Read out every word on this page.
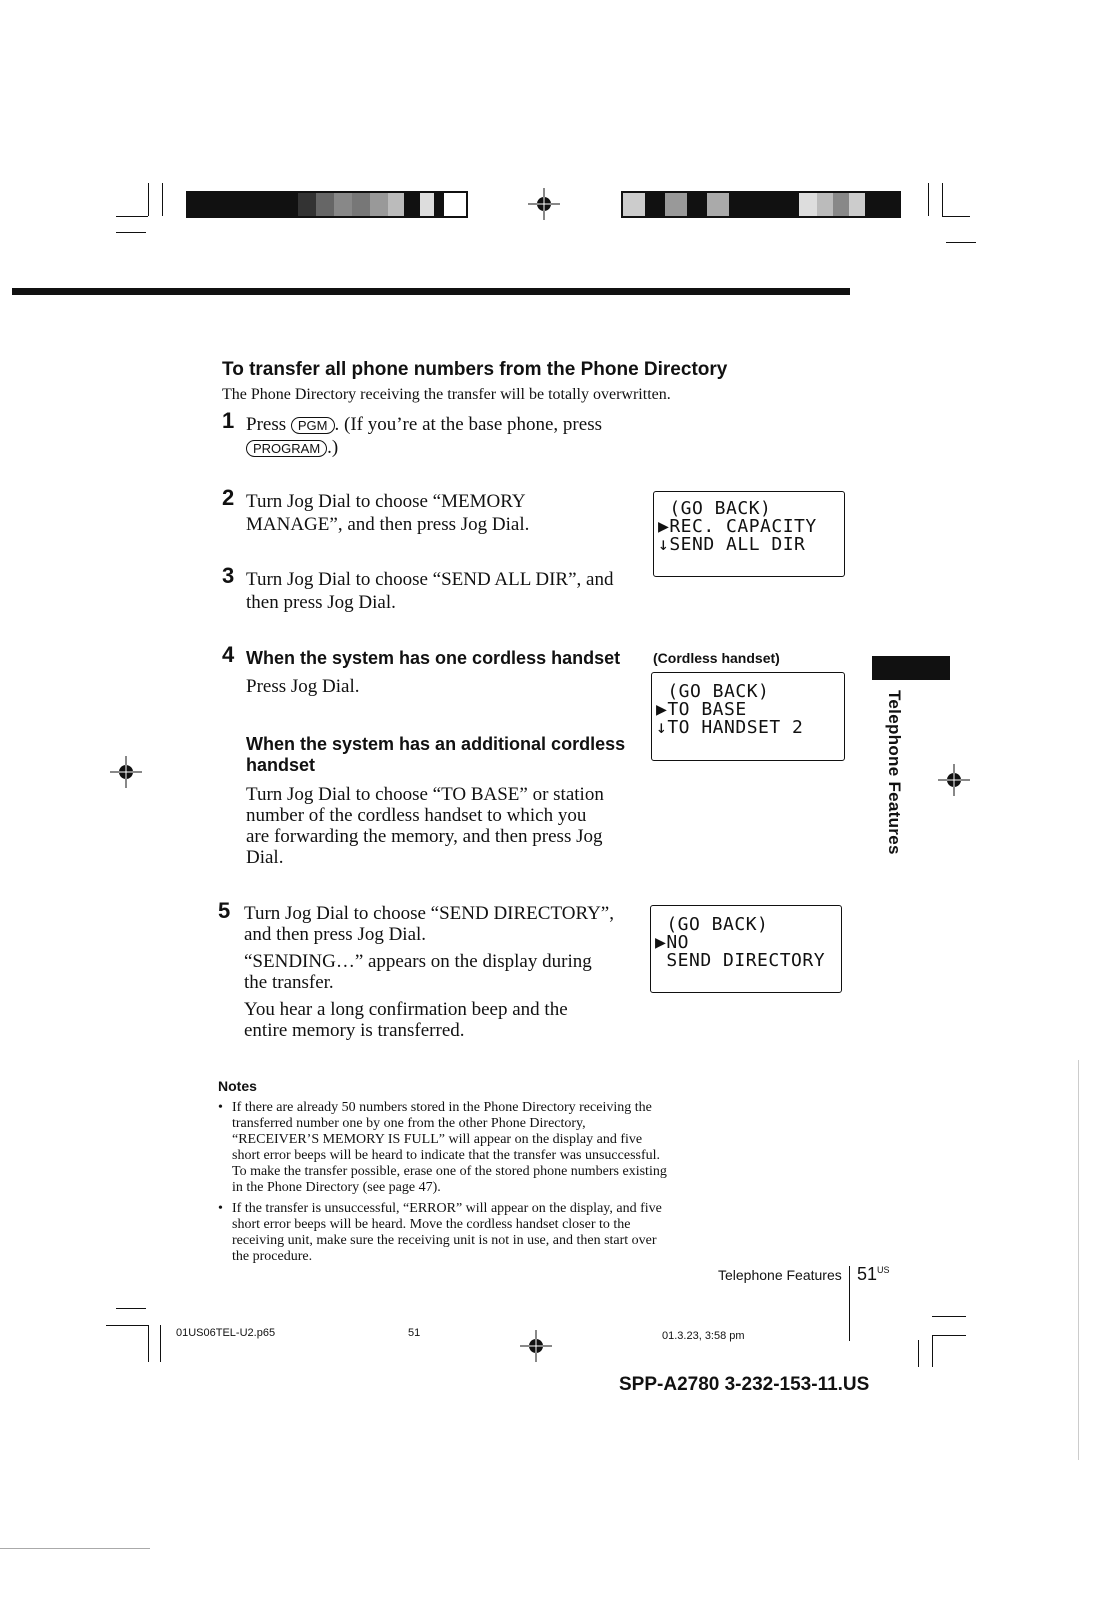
To transfer all phone numbers from the Phone Directory
The Phone Directory receiving the transfer will be totally overwritten.
1 Press PGM . (If you’re at the base phone, press
PROGRAM .)
2 Turn Jog Dial to choose “MEMORY
MANAGE”, and then press Jog Dial.
(GO BACK)
▶REC. CAPACITY
↓SEND ALL DIR
3 Turn Jog Dial to choose “SEND ALL DIR”, and
then press Jog Dial.
4 When the system has one cordless handset
Press Jog Dial.
When the system has an additional cordless
handset
Turn Jog Dial to choose “TO BASE” or station
number of the cordless handset to which you
are forwarding the memory, and then press Jog
Dial.
(Cordless handset)
(GO BACK)
▶TO BASE
↓TO HANDSET 2
5 Turn Jog Dial to choose “SEND DIRECTORY”,
and then press Jog Dial.
“SENDING…” appears on the display during
the transfer.
You hear a long confirmation beep and the
entire memory is transferred.
(GO BACK)
▶NO
SEND DIRECTORY
Telephone Features
Notes
• If there are already 50 numbers stored in the Phone Directory receiving the
transferred number one by one from the other Phone Directory,
“RECEIVER’S MEMORY IS FULL” will appear on the display and five
short error beeps will be heard to indicate that the transfer was unsuccessful.
To make the transfer possible, erase one of the stored phone numbers existing
in the Phone Directory (see page 47).
• If the transfer is unsuccessful, “ERROR” will appear on the display, and five
short error beeps will be heard. Move the cordless handset closer to the
receiving unit, make sure the receiving unit is not in use, and then start over
the procedure.
Telephone Features $51^{US}$
01US06TEL-U2.p65	51	01.3.23, 3:58 pm
SPP-A2780 3-232-153-11.US
